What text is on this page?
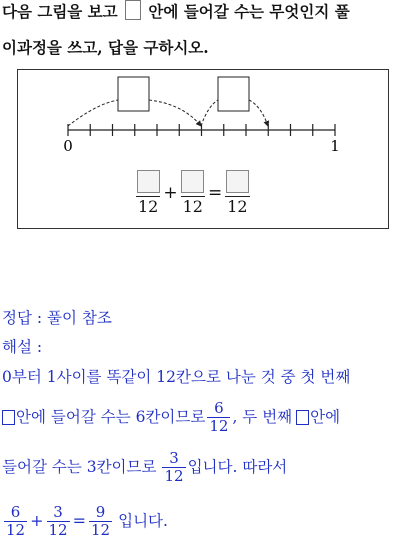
다음 그림을 보고 안에 들어갈 수는 무엇인지 풀
이과정을 쓰고, 답을 구하시오.
0	1
12
+
12
=
12
정답 : 풀이 참조
해설 :
0부터 1사이를 똑같이 12칸으로 나눈 것 중 첫 번째
안에 들어갈 수는 6칸이므로 $\frac{6}{12}$ , 두 번째 안에
들어갈 수는 3칸이므로 $\frac{3}{12}$ 입니다. 따라서
$\frac{6}{12} + \frac{3}{12} = \frac{9}{12}$ 입니다.
